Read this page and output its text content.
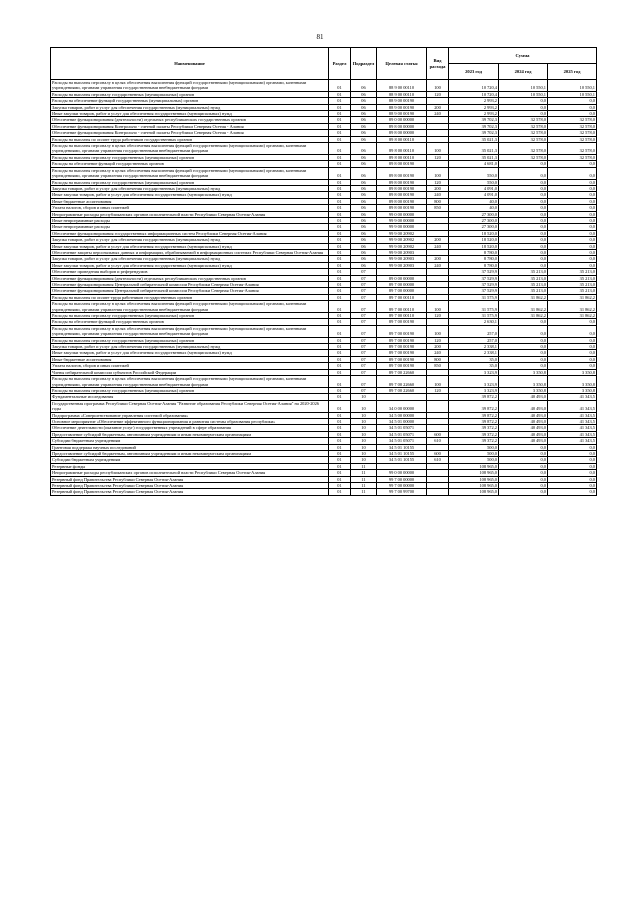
81
Наименование	Раздел	Подраздел	Целевая статья	Вид расхода	Сумма		
					2023 год	2024 год	2025 год
Расходы на выплаты персоналу в целях обеспечения выполнения функций государственными (муниципальными) органами, казенными учреждениями, органами управления государственными внебюджетными фондами	01	06	88 9 00 00110	100	10 720,4	10 550,1	10 550,1
Расходы на выплаты персоналу государственных (муниципальных) органов	01	06	88 9 00 00110	120	10 720,4	10 550,1	10 550,1
Расходы на обеспечение функций государственных (муниципальных) органов	01	06	88 9 00 00190		2 993,2	0,0	0,0
Закупка товаров, работ и услуг для обеспечения государственных (муниципальных) нужд	01	06	88 9 00 00190	200	2 993,2	0,0	0,0
Иные закупки товаров, работ и услуг для обеспечения государственных (муниципальных) нужд	01	06	88 9 00 00190	240	2 993,2	0,0	0,0
Обеспечение функционирования (деятельности) отдельных республиканских государственных органов	01	06	89 0 00 00000		39 702,3	32 578,0	32 578,0
Обеспечение функционирования Контрольно - счетной палаты Республики Северная Осетия - Алания	01	06	89 8 00 00000		39 702,3	32 578,0	32 578,0
Обеспечение функционирования Контрольно - счетной палаты Республики Северная Осетия - Алания	01	06	89 8 00 00000		39 702,3	32 578,0	32 578,0
Расходы на выплаты по оплате труда работников государственных органов	01	06	89 8 00 00110		35 021,3	32 578,0	32 578,0
Расходы на выплаты персоналу в целях обеспечения выполнения функций государственными (муниципальными) органами, казенными учреждениями, органами управления государственными внебюджетными фондами	01	06	89 8 00 00110	100	35 021,3	32 578,0	32 578,0
Расходы на выплаты персоналу государственных (муниципальных) органов	01	06	89 8 00 00110	120	35 021,3	32 578,0	32 578,0
Расходы на обеспечение функций государственных органов	01	06	89 8 00 00190		4 681,0	0,0	0,0
Расходы на выплаты персоналу в целях обеспечения выполнения функций государственными (муниципальными) органами, казенными учреждениями, органами управления государственными внебюджетными фондами	01	06	89 8 00 00190	100	550,0	0,0	0,0
Расходы на выплаты персоналу государственных (муниципальных) органов	01	06	89 8 00 00190	120	550,0	0,0	0,0
Закупка товаров, работ и услуг для обеспечения государственных (муниципальных) нужд	01	06	89 8 00 00190	200	4 091,0	0,0	0,0
Иные закупки товаров, работ и услуг для обеспечения государственных (муниципальных) нужд	01	06	89 8 00 00190	240	4 091,0	0,0	0,0
Иные бюджетные ассигнования	01	06	89 8 00 00190	800	40,0	0,0	0,0
Уплата налогов, сборов и иных платежей	01	06	89 8 00 00190	850	40,0	0,0	0,0
Непрограммные расходы республиканских органов исполнительной власти Республики Северная Осетия-Алания	01	06	99 0 00 00000		27 300,0	0,0	0,0
Иные непрограммные расходы	01	06	99 9 00 00000		27 300,0	0,0	0,0
Иные непрограммные расходы	01	06	99 9 00 00000		27 300,0	0,0	0,0
Обеспечение функционирования государственных информационных систем Республики Северная Осетия-Алания	01	06	99 9 00 20902		18 520,0	0,0	0,0
Закупка товаров, работ и услуг для обеспечения государственных (муниципальных) нужд	01	06	99 9 00 20902	200	18 520,0	0,0	0,0
Иные закупки товаров, работ и услуг для обеспечения государственных (муниципальных) нужд	01	06	99 9 00 20902	240	18 520,0	0,0	0,0
Обеспечение защиты персональных данных и информации, обрабатываемой в информационных системах Республики Северная Осетия-Алания	01	06	99 9 00 20903		8 780,0	0,0	0,0
Закупка товаров, работ и услуг для обеспечения государственных (муниципальных) нужд	01	06	99 9 00 20903	200	8 780,0	0,0	0,0
Иные закупки товаров, работ и услуг для обеспечения государственных (муниципальных) нужд	01	06	99 9 00 20903	240	8 780,0	0,0	0,0
Обеспечение проведения выборов и референдумов	01	07			37 529,9	35 213,0	35 213,0
Обеспечение функционирования (деятельности) отдельных республиканских государственных органов	01	07	89 0 00 00000		37 529,9	35 213,0	35 213,0
Обеспечение функционирования Центральной избирательной комиссии Республики Северная Осетия-Алания	01	07	89 7 00 00000		37 529,9	35 213,0	35 213,0
Обеспечение функционирования Центральной избирательной комиссии Республики Северная Осетия-Алания	01	07	89 7 00 00000		37 529,9	35 213,0	35 213,0
Расходы на выплаты по оплате труда работников государственных органов	01	07	89 7 00 00110		31 575,9	31 862,2	31 862,2
Расходы на выплаты персоналу в целях обеспечения выполнения функций государственными (муниципальными) органами, казенными учреждениями, органами управления государственными внебюджетными фондами	01	07	89 7 00 00110	100	31 575,9	31 862,2	31 862,2
Расходы на выплаты персоналу государственных (муниципальных) органов	01	07	89 7 00 00110	120	31 575,9	31 862,2	31 862,2
Расходы на обеспечение функций государственных органов	01	07	89 7 00 00190		2 630,1	0,0	0,0
Расходы на выплаты персоналу в целях обеспечения выполнения функций государственными (муниципальными) органами, казенными учреждениями, органами управления государственными внебюджетными фондами	01	07	89 7 00 00190	100	257,0	0,0	0,0
Расходы на выплаты персоналу государственных (муниципальных) органов	01	07	89 7 00 00190	120	257,0	0,0	0,0
Закупка товаров, работ и услуг для обеспечения государственных (муниципальных) нужд	01	07	89 7 00 00190	200	2 338,1	0,0	0,0
Иные закупки товаров, работ и услуг для обеспечения государственных (муниципальных) нужд	01	07	89 7 00 00190	240	2 338,1	0,0	0,0
Иные бюджетные ассигнования	01	07	89 7 00 00190	800	35,0	0,0	0,0
Уплата налогов, сборов и иных платежей	01	07	89 7 00 00190	850	35,0	0,0	0,0
Члены избирательной комиссии субъектов Российской Федерации	01	07	89 7 00 22660		3 323,9	3 350,8	3 350,8
Расходы на выплаты персоналу в целях обеспечения выполнения функций государственными (муниципальными) органами, казенными учреждениями, органами управления государственными внебюджетными фондами	01	07	89 7 00 22660	100	3 323,9	3 350,8	3 350,8
Расходы на выплаты персоналу государственных (муниципальных) органов	01	07	89 7 00 22660	120	3 323,9	3 350,8	3 350,8
Фундаментальные исследования	01	10			39 872,2	40 493,0	41 343,5
Государственная программа Республики Северная Осетия-Алания "Развитие образования Республики Северная Осетия-Алания" на 2020-2026 годы	01	10	34 0 00 00000		39 872,2	40 493,0	41 343,5
Подпрограмма «Совершенствование управления системой образования»	01	10	34 5 00 00000		39 872,2	40 493,0	41 343,5
Основное мероприятие «Обеспечение эффективного функционирования и развития системы образования республики»	01	10	34 5 01 00000		39 872,2	40 493,0	41 343,5
Обеспечение деятельности (оказание услуг) государственных учреждений в сфере образования	01	10	34 5 01 05071		39 372,2	40 493,0	41 343,5
Предоставление субсидий бюджетным, автономным учреждениям и иным некоммерческим организациям	01	10	34 5 01 05071	600	39 372,2	40 493,0	41 343,5
Субсидии бюджетным учреждениям	01	10	34 5 01 05071	610	39 372,2	40 493,0	41 343,5
Грантовая поддержка научных исследований	01	10	34 5 01 10155		500,0	0,0	0,0
Предоставление субсидий бюджетным, автономным учреждениям и иным некоммерческим организациям	01	10	34 5 01 10155	600	500,0	0,0	0,0
Субсидии бюджетным учреждениям	01	10	34 5 01 10155	610	500,0	0,0	0,0
Резервные фонды	01	11			108 965,0	0,0	0,0
Непрограммные расходы республиканских органов исполнительной власти Республики Северная Осетия-Алания	01	11	99 0 00 00000		108 965,0	0,0	0,0
Резервный фонд Правительства Республики Северная Осетия-Алания	01	11	99 7 00 00000		108 965,0	0,0	0,0
Резервный фонд Правительства Республики Северная Осетия-Алания	01	11	99 7 00 00000		108 965,0	0,0	0,0
Резервный фонд Правительства Республики Северная Осетия-Алания	01	11	99 7 00 99700		108 965,0	0,0	0,0
